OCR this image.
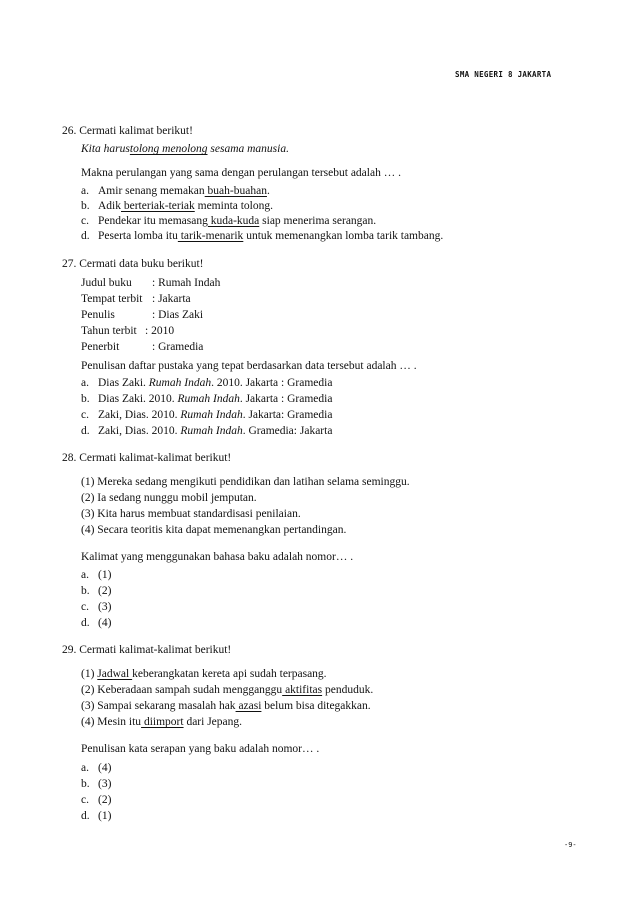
SMA NEGERI 8 JAKARTA
26. Cermati kalimat berikut!
Kita harustolong menolong sesama manusia.
Makna perulangan yang sama dengan perulangan tersebut adalah … .
a. Amir senang memakan buah-buahan.
b. Adik berteriak-teriak meminta tolong.
c. Pendekar itu memasang kuda-kuda siap menerima serangan.
d. Peserta lomba itu tarik-menarik untuk memenangkan lomba tarik tambang.
27. Cermati data buku berikut!
Judul buku : Rumah Indah
Tempat terbit : Jakarta
Penulis	: Dias Zaki
Tahun terbit : 2010
Penerbit	: Gramedia
Penulisan daftar pustaka yang tepat berdasarkan data tersebut adalah … .
a. Dias Zaki. Rumah Indah. 2010. Jakarta : Gramedia
b. Dias Zaki. 2010. Rumah Indah. Jakarta : Gramedia
c. Zaki, Dias. 2010. Rumah Indah. Jakarta: Gramedia
d. Zaki, Dias. 2010. Rumah Indah. Gramedia: Jakarta
28. Cermati kalimat-kalimat berikut!
(1) Mereka sedang mengikuti pendidikan dan latihan selama seminggu.
(2) Ia sedang nunggu mobil jemputan.
(3) Kita harus membuat standardisasi penilaian.
(4) Secara teoritis kita dapat memenangkan pertandingan.
Kalimat yang menggunakan bahasa baku adalah nomor… .
a. (1)
b. (2)
c. (3)
d. (4)
29. Cermati kalimat-kalimat berikut!
(1) Jadwal keberangkatan kereta api sudah terpasang.
(2) Keberadaan sampah sudah mengganggu aktifitas penduduk.
(3) Sampai sekarang masalah hak azasi belum bisa ditegakkan.
(4) Mesin itu diimport dari Jepang.
Penulisan kata serapan yang baku adalah nomor… .
a. (4)
b. (3)
c. (2)
d. (1)
-9-
